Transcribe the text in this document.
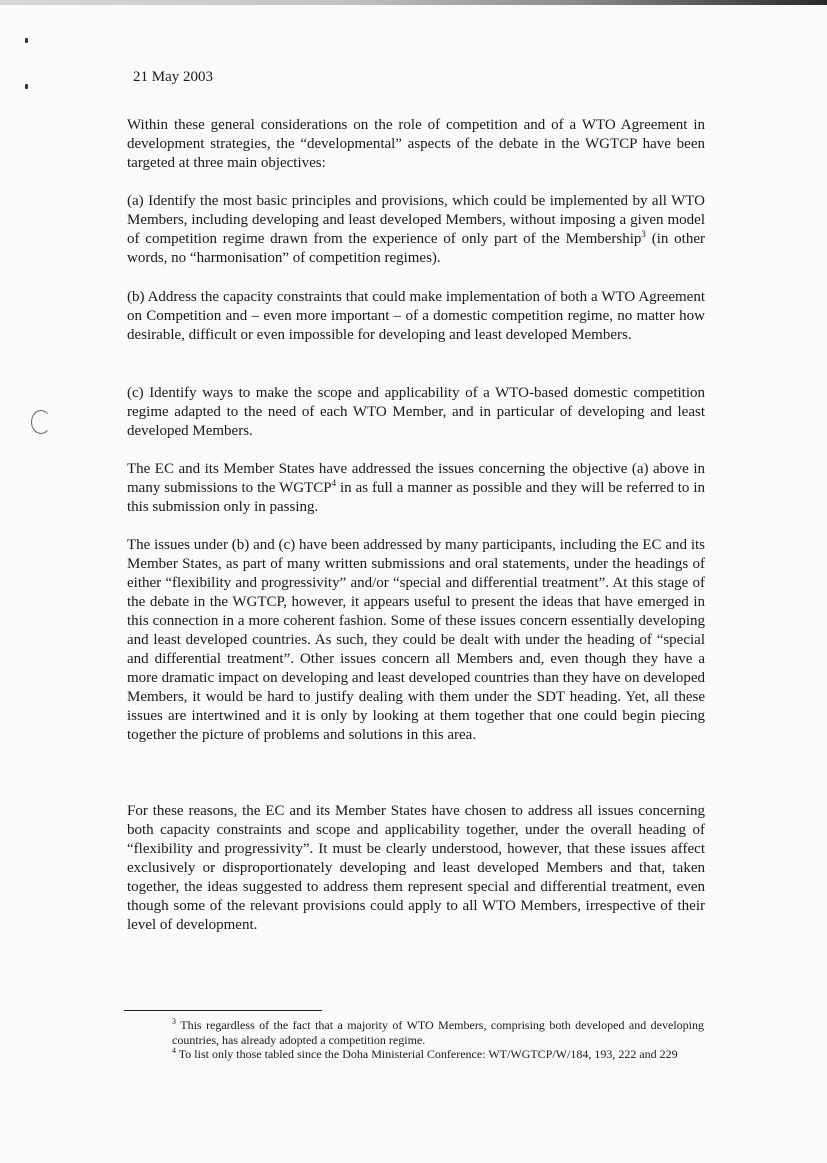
21 May 2003

Within these general considerations on the role of competition and of a WTO Agreement in development strategies, the “developmental” aspects of the debate in the WGTCP have been targeted at three main objectives:

(a) Identify the most basic principles and provisions, which could be implemented by all WTO Members, including developing and least developed Members, without imposing a given model of competition regime drawn from the experience of only part of the Membership$^3$ (in other words, no “harmonisation” of competition regimes).

(b) Address the capacity constraints that could make implementation of both a WTO Agreement on Competition and – even more important – of a domestic competition regime, no matter how desirable, difficult or even impossible for developing and least developed Members.

(c) Identify ways to make the scope and applicability of a WTO-based domestic competition regime adapted to the need of each WTO Member, and in particular of developing and least developed Members.

The EC and its Member States have addressed the issues concerning the objective (a) above in many submissions to the WGTCP$^4$ in as full a manner as possible and they will be referred to in this submission only in passing.

The issues under (b) and (c) have been addressed by many participants, including the EC and its Member States, as part of many written submissions and oral statements, under the headings of either “flexibility and progressivity” and/or “special and differential treatment”. At this stage of the debate in the WGTCP, however, it appears useful to present the ideas that have emerged in this connection in a more coherent fashion. Some of these issues concern essentially developing and least developed countries. As such, they could be dealt with under the heading of “special and differential treatment”. Other issues concern all Members and, even though they have a more dramatic impact on developing and least developed countries than they have on developed Members, it would be hard to justify dealing with them under the SDT heading. Yet, all these issues are intertwined and it is only by looking at them together that one could begin piecing together the picture of problems and solutions in this area.

For these reasons, the EC and its Member States have chosen to address all issues concerning both capacity constraints and scope and applicability together, under the overall heading of “flexibility and progressivity”. It must be clearly understood, however, that these issues affect exclusively or disproportionately developing and least developed Members and that, taken together, the ideas suggested to address them represent special and differential treatment, even though some of the relevant provisions could apply to all WTO Members, irrespective of their level of development.

$^3$ This regardless of the fact that a majority of WTO Members, comprising both developed and developing countries, has already adopted a competition regime.

$^4$ To list only those tabled since the Doha Ministerial Conference: WT/WGTCP/W/184, 193, 222 and 229
